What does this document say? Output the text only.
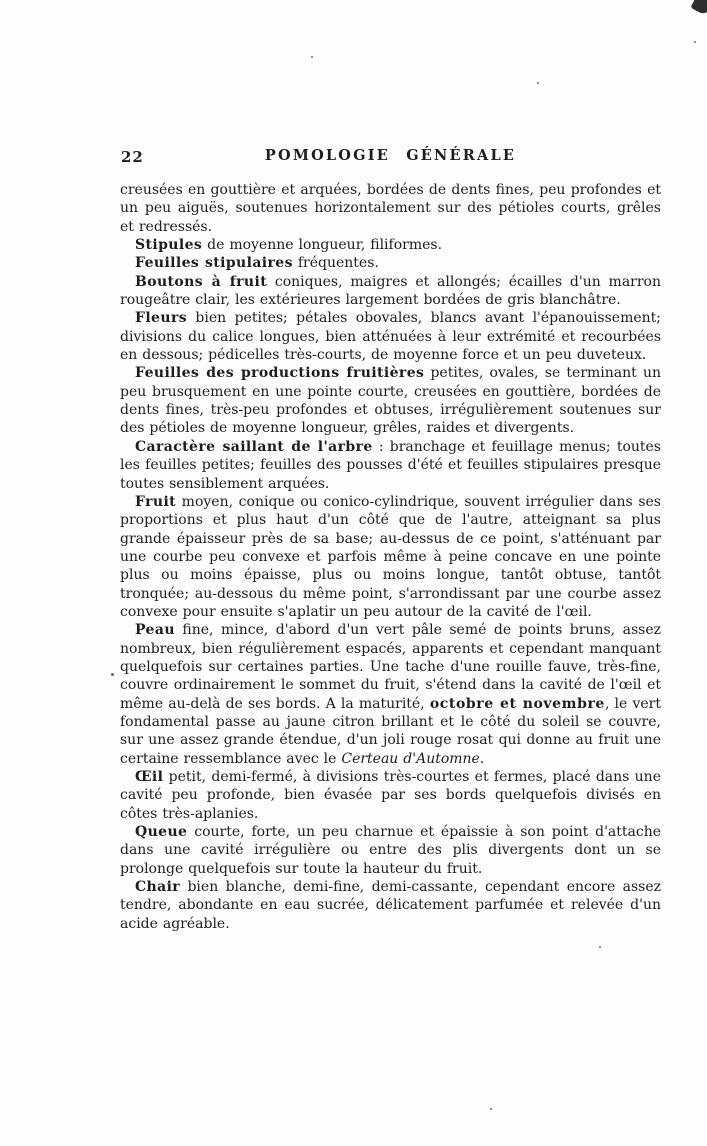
22	POMOLOGIE GÉNÉRALE

creusées en gouttière et arquées, bordées de dents fines, peu profondes et un peu aiguës, soutenues horizontalement sur des pétioles courts, grêles et redressés.

Stipules de moyenne longueur, filiformes.

Feuilles stipulaires fréquentes.

Boutons à fruit coniques, maigres et allongés; écailles d'un marron rougeâtre clair, les extérieures largement bordées de gris blanchâtre.

Fleurs bien petites; pétales obovales, blancs avant l'épanouissement; divisions du calice longues, bien atténuées à leur extrémité et recourbées en dessous; pédicelles très-courts, de moyenne force et un peu duveteux.

Feuilles des productions fruitières petites, ovales, se terminant un peu brusquement en une pointe courte, creusées en gouttière, bordées de dents fines, très-peu profondes et obtuses, irrégulièrement soutenues sur des pétioles de moyenne longueur, grêles, raides et divergents.

Caractère saillant de l'arbre : branchage et feuillage menus; toutes les feuilles petites; feuilles des pousses d'été et feuilles stipulaires presque toutes sensiblement arquées.

Fruit moyen, conique ou conico-cylindrique, souvent irrégulier dans ses proportions et plus haut d'un côté que de l'autre, atteignant sa plus grande épaisseur près de sa base; au-dessus de ce point, s'atténuant par une courbe peu convexe et parfois même à peine concave en une pointe plus ou moins épaisse, plus ou moins longue, tantôt obtuse, tantôt tronquée; au-dessous du même point, s'arrondissant par une courbe assez convexe pour ensuite s'aplatir un peu autour de la cavité de l'œil.

Peau fine, mince, d'abord d'un vert pâle semé de points bruns, assez nombreux, bien régulièrement espacés, apparents et cependant manquant quelquefois sur certaines parties. Une tache d'une rouille fauve, très-fine, couvre ordinairement le sommet du fruit, s'étend dans la cavité de l'œil et même au-delà de ses bords. A la maturité, octobre et novembre, le vert fondamental passe au jaune citron brillant et le côté du soleil se couvre, sur une assez grande étendue, d'un joli rouge rosat qui donne au fruit une certaine ressemblance avec le Certeau d'Automne.

Œil petit, demi-fermé, à divisions très-courtes et fermes, placé dans une cavité peu profonde, bien évasée par ses bords quelquefois divisés en côtes très-aplanies.

Queue courte, forte, un peu charnue et épaissie à son point d'attache dans une cavité irrégulière ou entre des plis divergents dont un se prolonge quelquefois sur toute la hauteur du fruit.

Chair bien blanche, demi-fine, demi-cassante, cependant encore assez tendre, abondante en eau sucrée, délicatement parfumée et relevée d'un acide agréable.
